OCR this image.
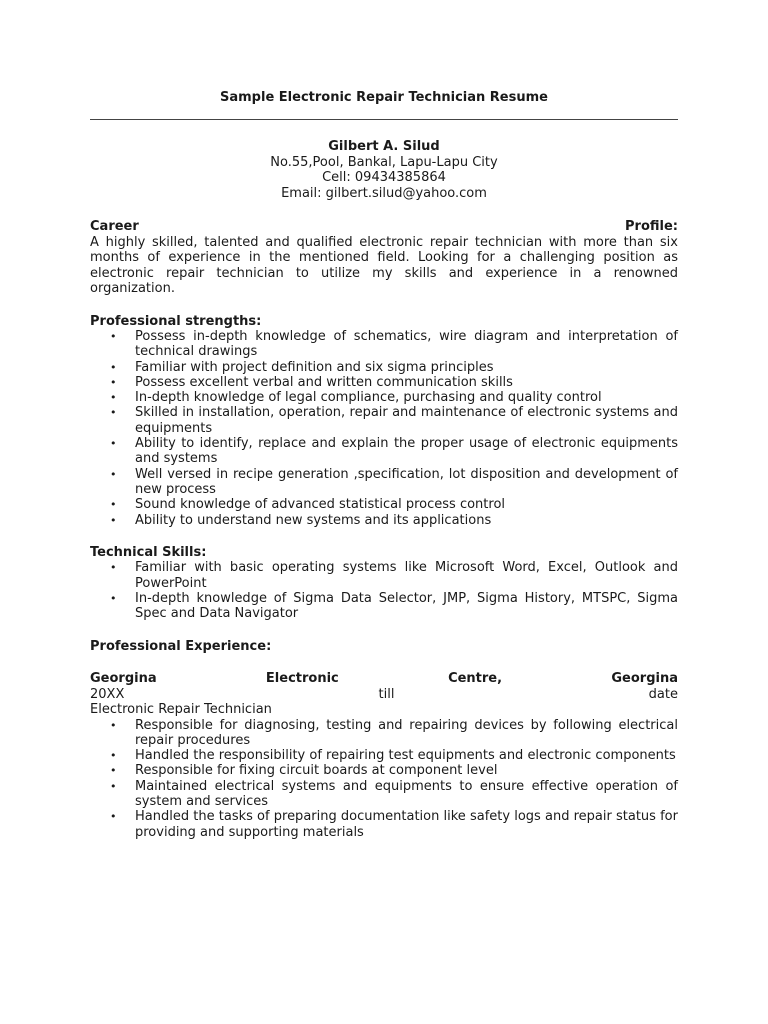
Sample Electronic Repair Technician Resume
Gilbert A. Silud
No.55,Pool, Bankal, Lapu-Lapu City
Cell: 09434385864
Email: gilbert.silud@yahoo.com
Career	Profile:

A highly skilled, talented and qualified electronic repair technician with more than six months of experience in the mentioned field. Looking for a challenging position as electronic repair technician to utilize my skills and experience in a renowned organization.

Professional strengths:

• Possess in-depth knowledge of schematics, wire diagram and interpretation of technical drawings
• Familiar with project definition and six sigma principles
• Possess excellent verbal and written communication skills
• In-depth knowledge of legal compliance, purchasing and quality control
• Skilled in installation, operation, repair and maintenance of electronic systems and equipments
• Ability to identify, replace and explain the proper usage of electronic equipments and systems
• Well versed in recipe generation ,specification, lot disposition and development of new process
• Sound knowledge of advanced statistical process control
• Ability to understand new systems and its applications

Technical Skills:

• Familiar with basic operating systems like Microsoft Word, Excel, Outlook and PowerPoint
• In-depth knowledge of Sigma Data Selector, JMP, Sigma History, MTSPC, Sigma Spec and Data Navigator

Professional Experience:

Georgina	Electronic	Centre,	Georgina
20XX	till	date
Electronic Repair Technician
• Responsible for diagnosing, testing and repairing devices by following electrical repair procedures
• Handled the responsibility of repairing test equipments and electronic components
• Responsible for fixing circuit boards at component level
• Maintained electrical systems and equipments to ensure effective operation of system and services
• Handled the tasks of preparing documentation like safety logs and repair status for providing and supporting materials
